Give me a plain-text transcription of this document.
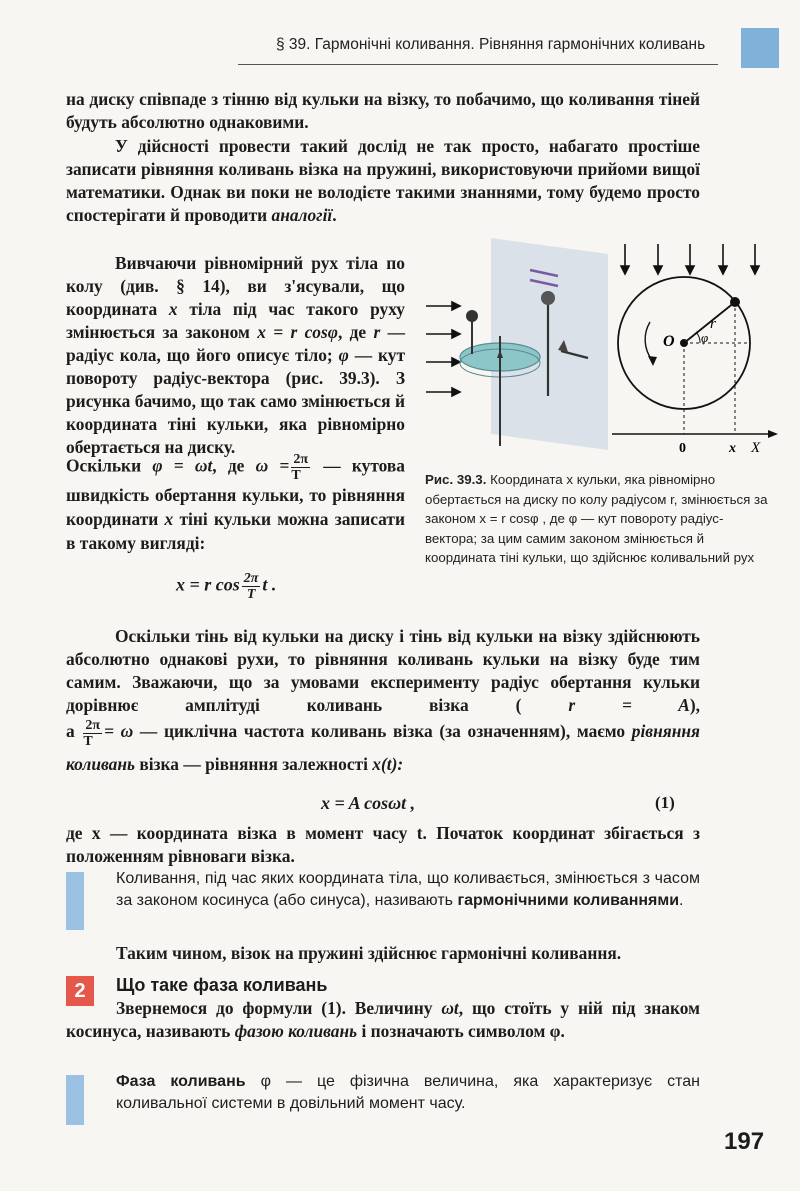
§ 39. Гармонічні коливання. Рівняння гармонічних коливань
на диску співпаде з тінню від кульки на візку, то побачимо, що коливання тіней будуть абсолютно однаковими.
У дійсності провести такий дослід не так просто, набагато простіше записати рівняння коливань візка на пружині, використовуючи прийоми вищої математики. Однак ви поки не володієте такими знаннями, тому будемо просто спостерігати й проводити аналогії.
Вивчаючи рівномірний рух тіла по колу (див. § 14), ви з'ясували, що координата x тіла під час такого руху змінюється за законом x = r cosφ, де r — радіус кола, що його описує тіло; φ — кут повороту радіус-вектора (рис. 39.3). З рисунка бачимо, що так само змінюється й координата тіні кульки, яка рівномірно обертається на диску.
Оскільки φ = ωt, де $\omega = \frac{2\pi}{T}$ — кутова швидкість обертання кульки, то рівняння координати x тіні кульки можна записати в такому вигляді:
x = r $\cos \frac{2\pi}{T}$ t .
r
φ
O
0	x X
Рис. 39.3. Координата x кульки, яка рівномірно обертається на диску по колу радіусом r, змінюється за законом x = r cosφ , де φ — кут повороту радіус-вектора; за цим самим законом змінюється й координата тіні кульки, що здійснює коливальний рух
Оскільки тінь від кульки на диску і тінь від кульки на візку здійснюють абсолютно однакові рухи, то рівняння коливань кульки на візку буде тим самим. Зважаючи, що за умовами експерименту радіус обертання кульки дорівнює амплітуді коливань візка (	r = A),
а $\frac{2\pi}{T} = \omega$ — циклічна частота коливань візка (за означенням), маємо рівняння коливань візка — рівняння залежності x(t):
x = A cosωt ,	(1)
де x — координата візка в момент часу t. Початок координат збігається з положенням рівноваги візка.
Коливання, під час яких координата тіла, що коливається, змінюється з часом за законом косинуса (або синуса), називають гармонічними коливаннями.
Таким чином, візок на пружині здійснює гармонічні коливання.
2	Що таке фаза коливань
Звернемося до формули (1). Величину ωt, що стоїть у ній під знаком косинуса, називають фазою коливань і позначають символом φ.
Фаза коливань φ — це фізична величина, яка характеризує стан коливальної системи в довільний момент часу.
197
